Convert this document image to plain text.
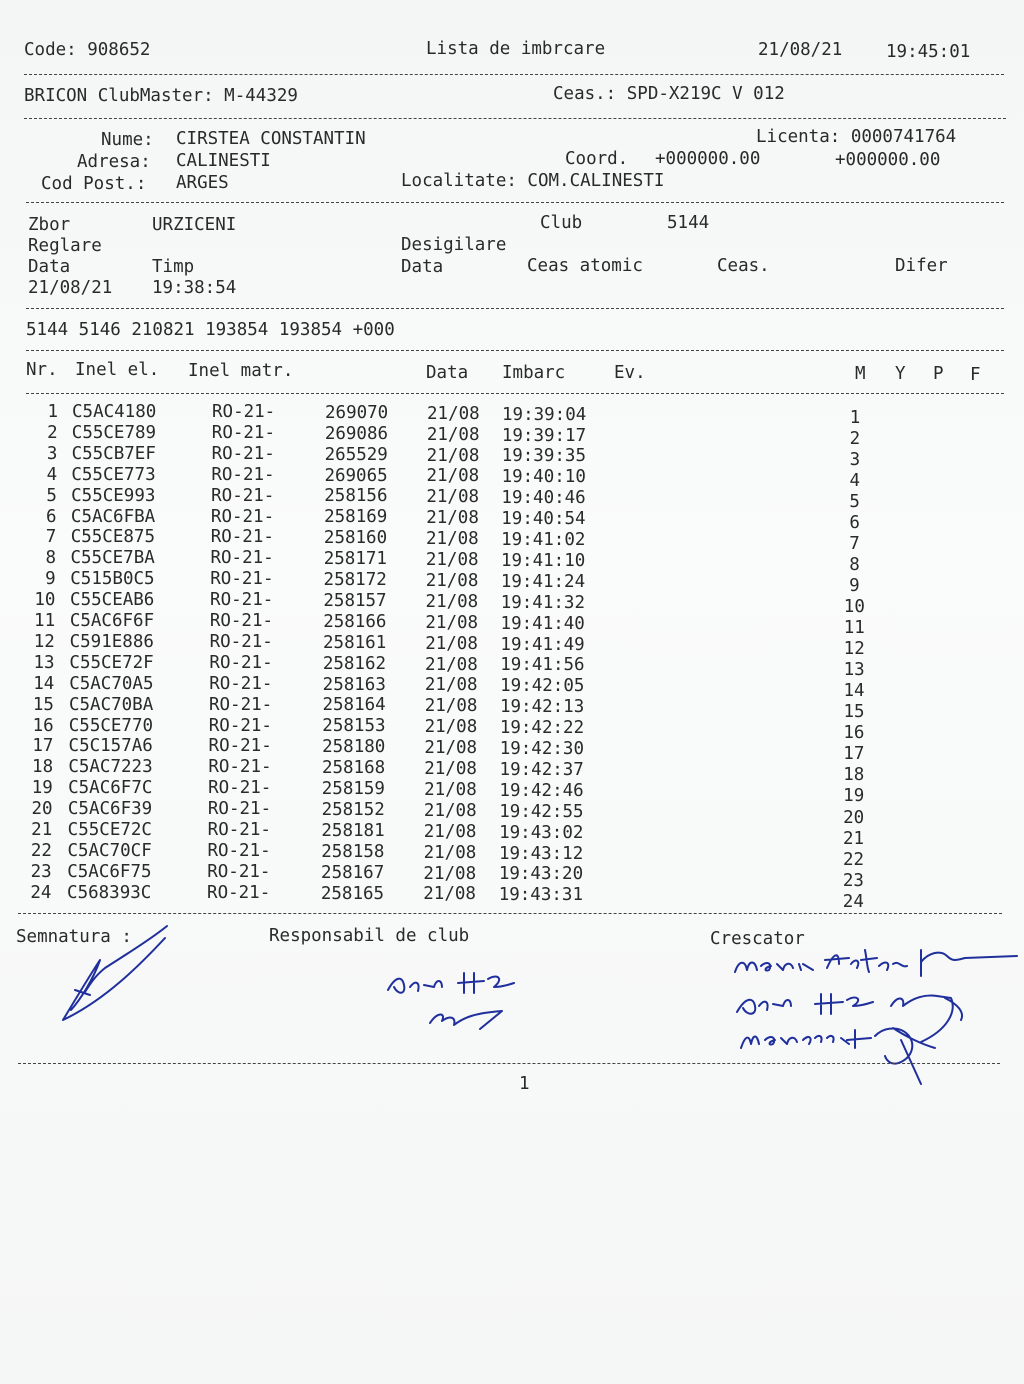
Code: 908652	Lista de imbrcare	21/08/21 19:45:01
BRICON ClubMaster: M-44329	Ceas.: SPD-X219C V 012
Nume: CIRSTEA CONSTANTIN	Licenta: 0000741764
Adresa: CALINESTI	Coord. +000000.00	+000000.00
Cod Post.: ARGES	Localitate: COM.CALINESTI
Zbor	URZICENI	Club	5144
Reglare	Desigilare
Data	Timp	Data	Ceas atomic	Ceas.	Difer
21/08/21 19:38:54
5144 5146 210821 193854 193854 +000
Nr. Inel el. Inel matr.	Data Imbarc	Ev.	M Y P F
1 C5AC4180	RO-21-	269070 21/08 19:39:04	1
2 C55CE789	RO-21-	269086 21/08 19:39:17	2
3 C55CB7EF	RO-21-	265529 21/08 19:39:35	3
4 C55CE773	RO-21-	269065 21/08 19:40:10	4
5 C55CE993	RO-21-	258156 21/08 19:40:46	5
6 C5AC6FBA	RO-21-	258169 21/08 19:40:54	6
7 C55CE875	RO-21-	258160 21/08 19:41:02	7
8 C55CE7BA	RO-21-	258171 21/08 19:41:10	8
9 C515B0C5	RO-21-	258172 21/08 19:41:24	9
10 C55CEAB6	RO-21-	258157 21/08 19:41:32	10
11 C5AC6F6F	RO-21-	258166 21/08 19:41:40	11
12 C591E886	RO-21-	258161 21/08 19:41:49	12
13 C55CE72F	RO-21-	258162 21/08 19:41:56	13
14 C5AC70A5	RO-21-	258163 21/08 19:42:05	14
15 C5AC70BA	RO-21-	258164 21/08 19:42:13	15
16 C55CE770	RO-21-	258153 21/08 19:42:22	16
17 C5C157A6	RO-21-	258180 21/08 19:42:30	17
18 C5AC7223	RO-21-	258168 21/08 19:42:37	18
19 C5AC6F7C	RO-21-	258159 21/08 19:42:46	19
20 C5AC6F39	RO-21-	258152 21/08 19:42:55	20
21 C55CE72C	RO-21-	258181 21/08 19:43:02	21
22 C5AC70CF	RO-21-	258158 21/08 19:43:12	22
23 C5AC6F75	RO-21-	258167 21/08 19:43:20	23
24 C568393C	RO-21-	258165 21/08 19:43:31	24
Semnatura :	Responsabil de club	Crescator
1
